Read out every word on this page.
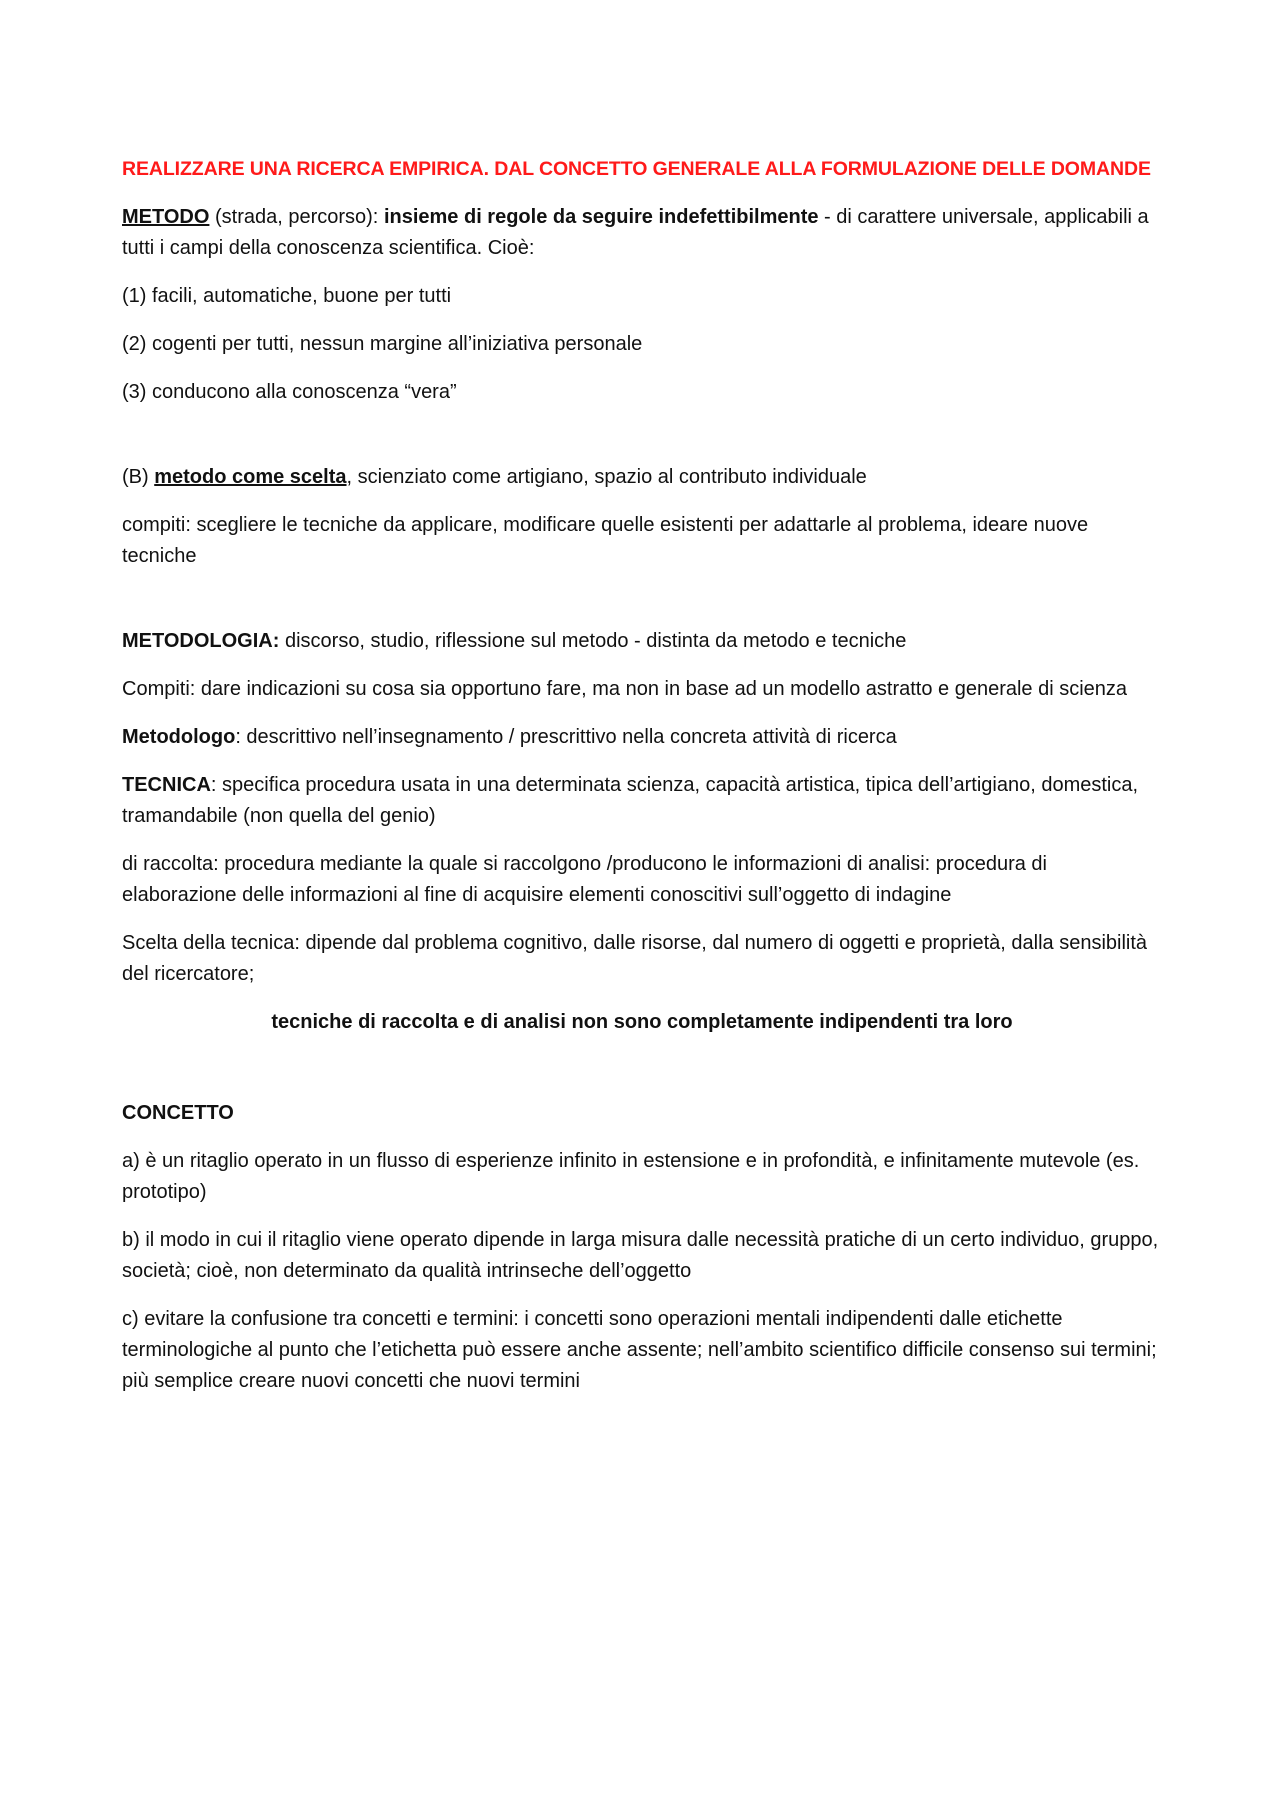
REALIZZARE UNA RICERCA EMPIRICA. DAL CONCETTO GENERALE ALLA FORMULAZIONE DELLE DOMANDE

METODO (strada, percorso): insieme di regole da seguire indefettibilmente - di carattere universale, applicabili a tutti i campi della conoscenza scientifica. Cioè:

(1) facili, automatiche, buone per tutti

(2) cogenti per tutti, nessun margine all’iniziativa personale

(3) conducono alla conoscenza “vera”

(B) metodo come scelta, scienziato come artigiano, spazio al contributo individuale

compiti: scegliere le tecniche da applicare, modificare quelle esistenti per adattarle al problema, ideare nuove tecniche

METODOLOGIA: discorso, studio, riflessione sul metodo - distinta da metodo e tecniche

Compiti: dare indicazioni su cosa sia opportuno fare, ma non in base ad un modello astratto e generale di scienza

Metodologo: descrittivo nell’insegnamento / prescrittivo nella concreta attività di ricerca

TECNICA: specifica procedura usata in una determinata scienza, capacità artistica, tipica dell’artigiano, domestica, tramandabile (non quella del genio)

di raccolta: procedura mediante la quale si raccolgono /producono le informazioni di analisi: procedura di elaborazione delle informazioni al fine di acquisire elementi conoscitivi sull’oggetto di indagine

Scelta della tecnica: dipende dal problema cognitivo, dalle risorse, dal numero di oggetti e proprietà, dalla sensibilità del ricercatore;

tecniche di raccolta e di analisi non sono completamente indipendenti tra loro

CONCETTO

a) è un ritaglio operato in un flusso di esperienze infinito in estensione e in profondità, e infinitamente mutevole (es. prototipo)

b) il modo in cui il ritaglio viene operato dipende in larga misura dalle necessità pratiche di un certo individuo, gruppo, società; cioè, non determinato da qualità intrinseche dell’oggetto

c) evitare la confusione tra concetti e termini: i concetti sono operazioni mentali indipendenti dalle etichette terminologiche al punto che l’etichetta può essere anche assente; nell’ambito scientifico difficile consenso sui termini; più semplice creare nuovi concetti che nuovi termini
